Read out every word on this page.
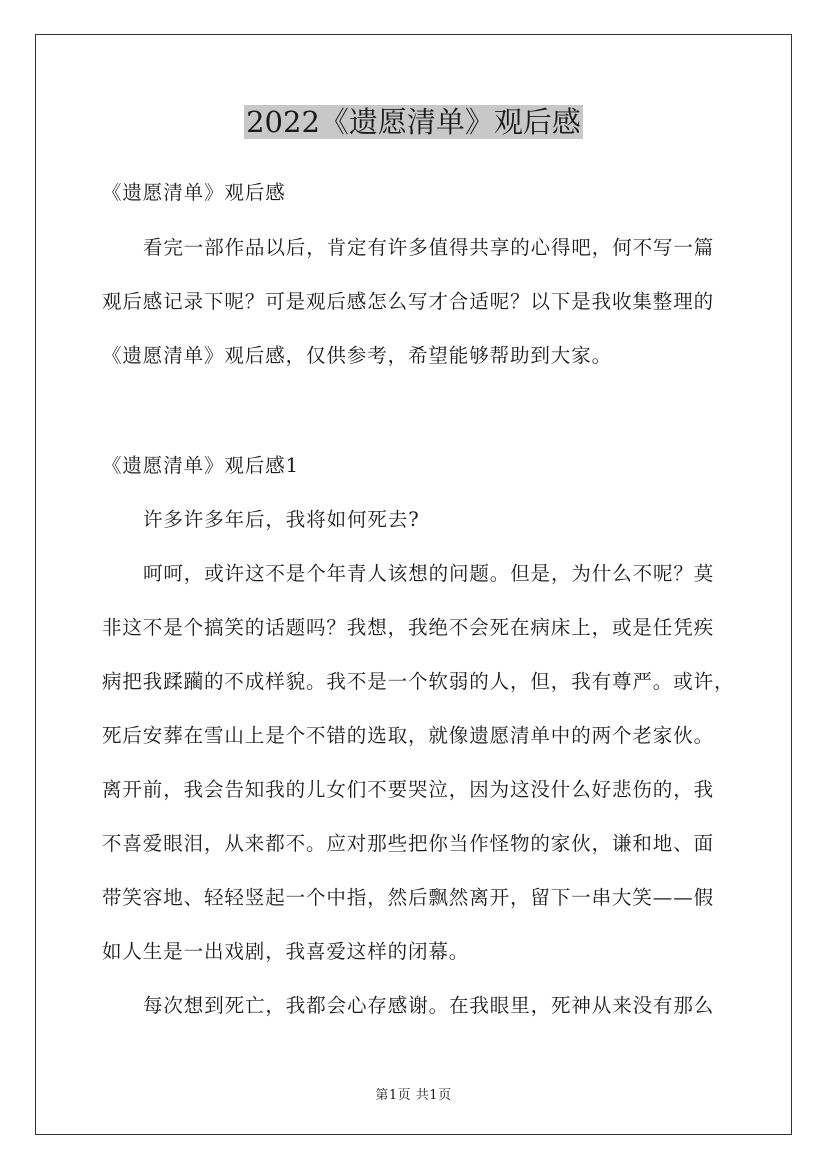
2022《遗愿清单》观后感
《遗愿清单》观后感
看完一部作品以后，肯定有许多值得共享的心得吧，何不写一篇
观后感记录下呢？可是观后感怎么写才合适呢？以下是我收集整理的
《遗愿清单》观后感，仅供参考，希望能够帮助到大家。
《遗愿清单》观后感1
许多许多年后，我将如何死去?
呵呵，或许这不是个年青人该想的问题。但是，为什么不呢？莫
非这不是个搞笑的话题吗？我想，我绝不会死在病床上，或是任凭疾
病把我蹂躏的不成样貌。我不是一个软弱的人，但，我有尊严。或许，
死后安葬在雪山上是个不错的选取，就像遗愿清单中的两个老家伙。
离开前，我会告知我的儿女们不要哭泣，因为这没什么好悲伤的，我
不喜爱眼泪，从来都不。应对那些把你当作怪物的家伙，谦和地、面
带笑容地、轻轻竖起一个中指，然后飘然离开，留下一串大笑——假
如人生是一出戏剧，我喜爱这样的闭幕。
每次想到死亡，我都会心存感谢。在我眼里，死神从来没有那么
第1页 共1页
